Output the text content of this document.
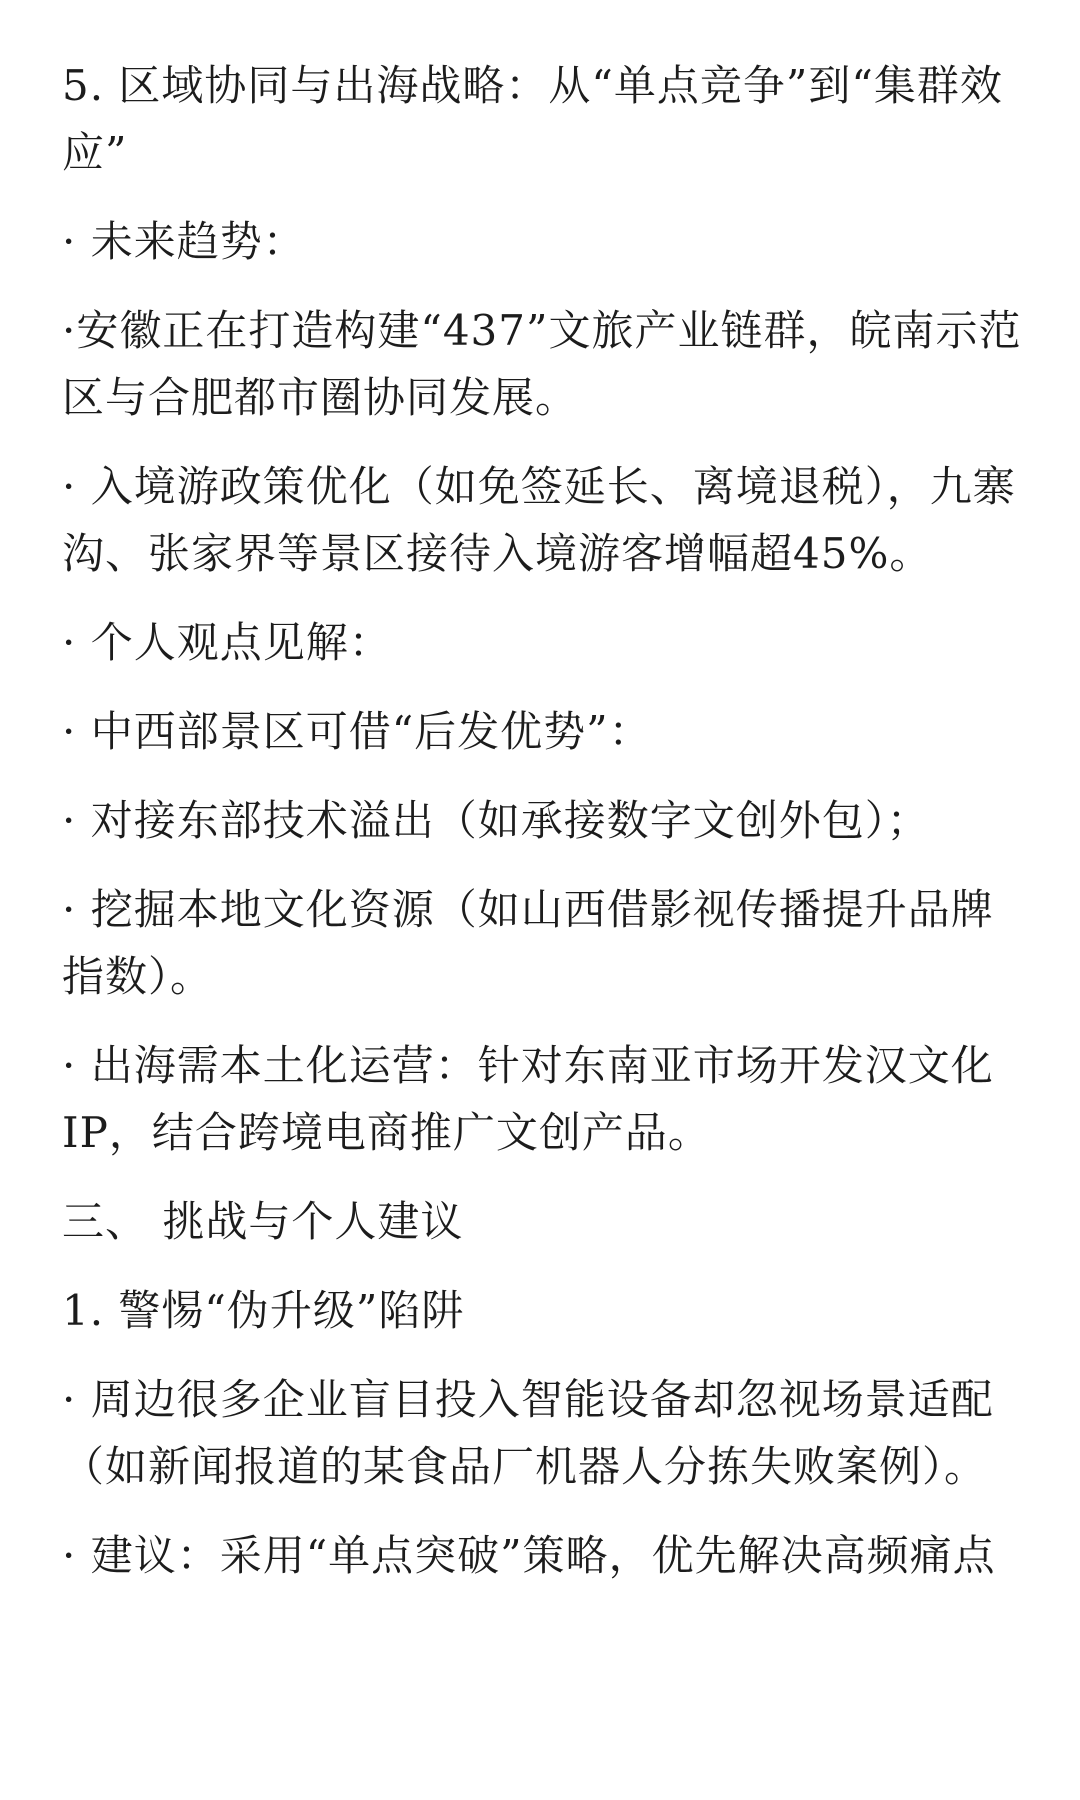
5. 区域协同与出海战略：从“单点竞争”到“集群效应”

· 未来趋势：

·安徽正在打造构建“437”文旅产业链群，皖南示范区与合肥都市圈协同发展。

· 入境游政策优化（如免签延长、离境退税），九寨沟、张家界等景区接待入境游客增幅超45%。

· 个人观点见解：

· 中西部景区可借“后发优势”：

· 对接东部技术溢出（如承接数字文创外包）；

· 挖掘本地文化资源（如山西借影视传播提升品牌指数）。

· 出海需本土化运营：针对东南亚市场开发汉文化IP，结合跨境电商推广文创产品。

三、 挑战与个人建议

1. 警惕“伪升级”陷阱

· 周边很多企业盲目投入智能设备却忽视场景适配（如新闻报道的某食品厂机器人分拣失败案例）。

· 建议：采用“单点突破”策略，优先解决高频痛点
